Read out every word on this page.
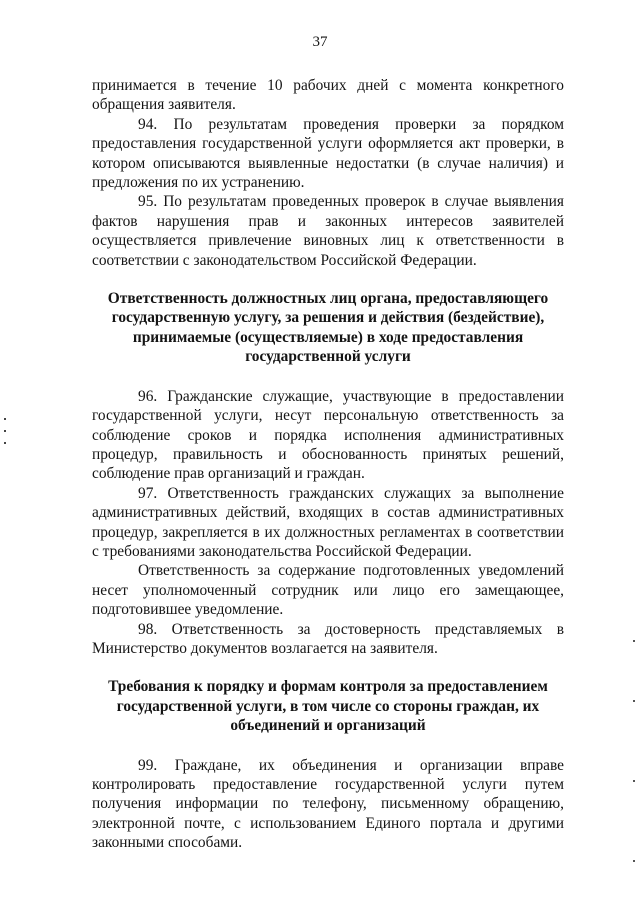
37

принимается в течение 10 рабочих дней с момента конкретного обращения заявителя.

94. По результатам проведения проверки за порядком предоставления государственной услуги оформляется акт проверки, в котором описываются выявленные недостатки (в случае наличия) и предложения по их устранению.

95. По результатам проведенных проверок в случае выявления фактов нарушения прав и законных интересов заявителей осуществляется привлечение виновных лиц к ответственности в соответствии с законодательством Российской Федерации.

Ответственность должностных лиц органа, предоставляющего государственную услугу, за решения и действия (бездействие), принимаемые (осуществляемые) в ходе предоставления государственной услуги

96. Гражданские служащие, участвующие в предоставлении государственной услуги, несут персональную ответственность за соблюдение сроков и порядка исполнения административных процедур, правильность и обоснованность принятых решений, соблюдение прав организаций и граждан.

97. Ответственность гражданских служащих за выполнение административных действий, входящих в состав административных процедур, закрепляется в их должностных регламентах в соответствии с требованиями законодательства Российской Федерации.

Ответственность за содержание подготовленных уведомлений несет уполномоченный сотрудник или лицо его замещающее, подготовившее уведомление.

98. Ответственность за достоверность представляемых в Министерство документов возлагается на заявителя.

Требования к порядку и формам контроля за предоставлением государственной услуги, в том числе со стороны граждан, их объединений и организаций

99. Граждане, их объединения и организации вправе контролировать предоставление государственной услуги путем получения информации по телефону, письменному обращению, электронной почте, с использованием Единого портала и другими законными способами.
